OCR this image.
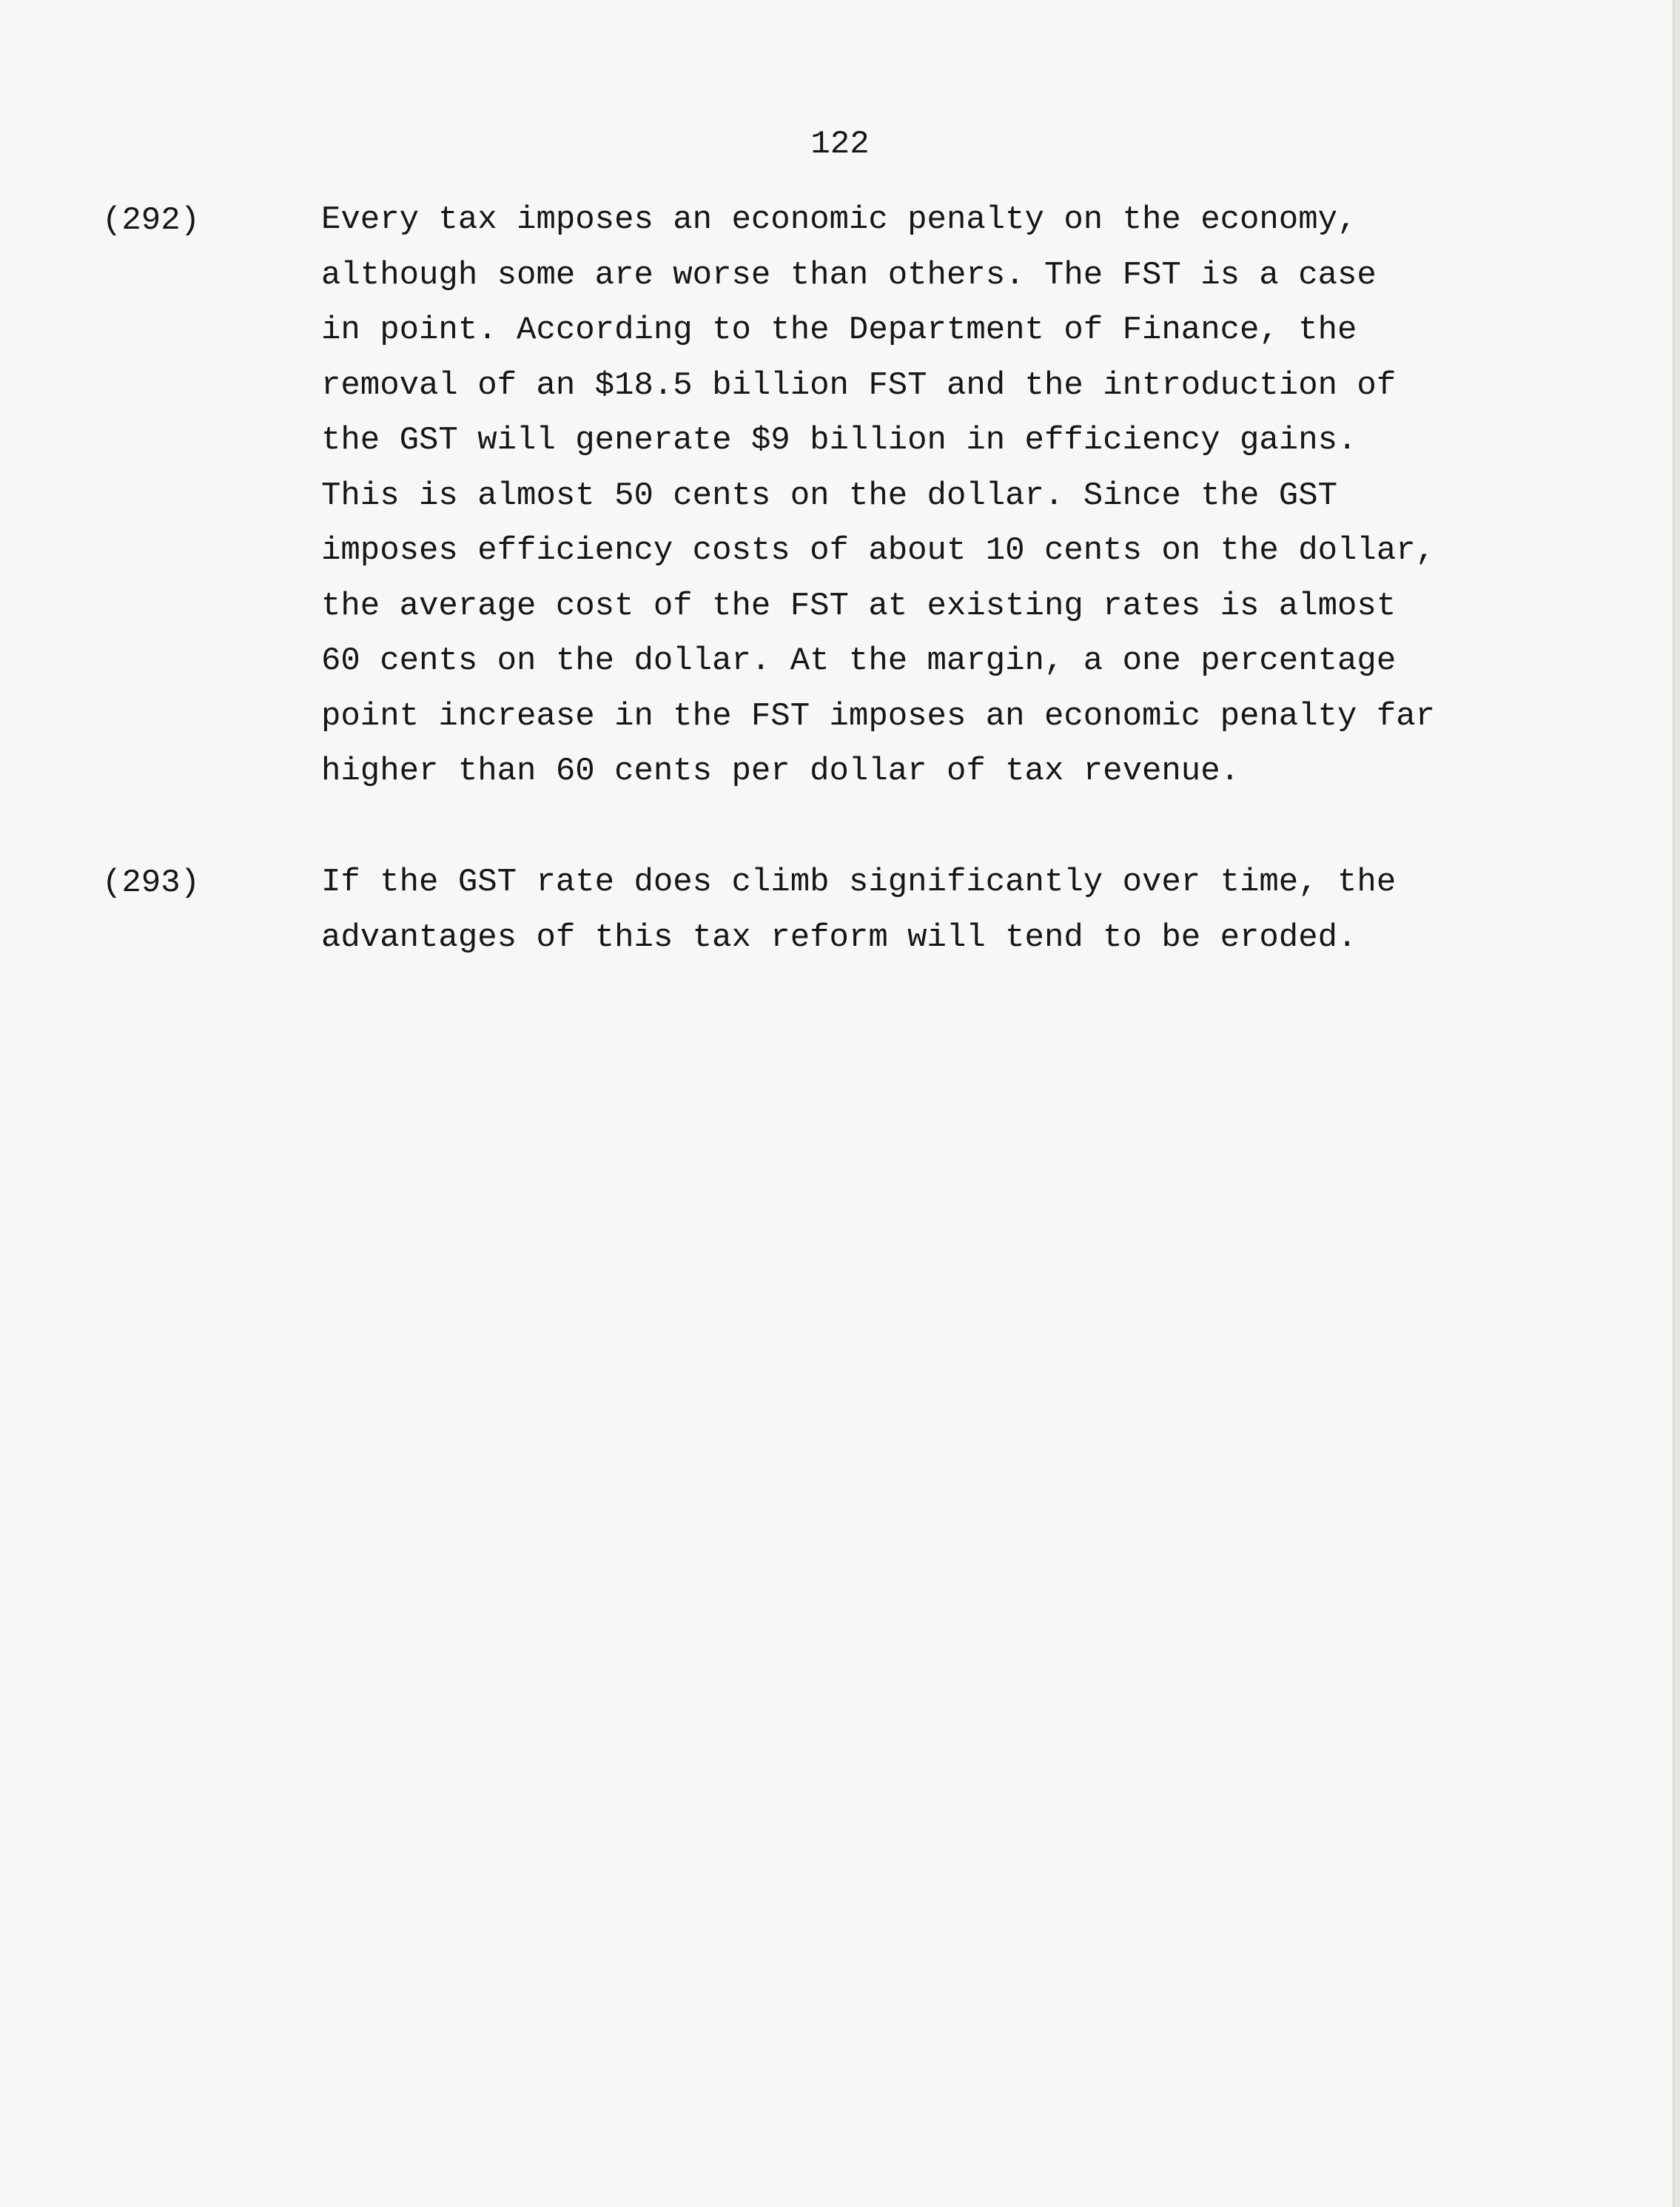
122
(292)	Every tax imposes an economic penalty on the economy,
although some are worse than others. The FST is a case
in point. According to the Department of Finance, the
removal of an $18.5 billion FST and the introduction of
the GST will generate $9 billion in efficiency gains.
This is almost 50 cents on the dollar. Since the GST
imposes efficiency costs of about 10 cents on the dollar,
the average cost of the FST at existing rates is almost
60 cents on the dollar. At the margin, a one percentage
point increase in the FST imposes an economic penalty far
higher than 60 cents per dollar of tax revenue.
(293)	If the GST rate does climb significantly over time, the
advantages of this tax reform will tend to be eroded.
